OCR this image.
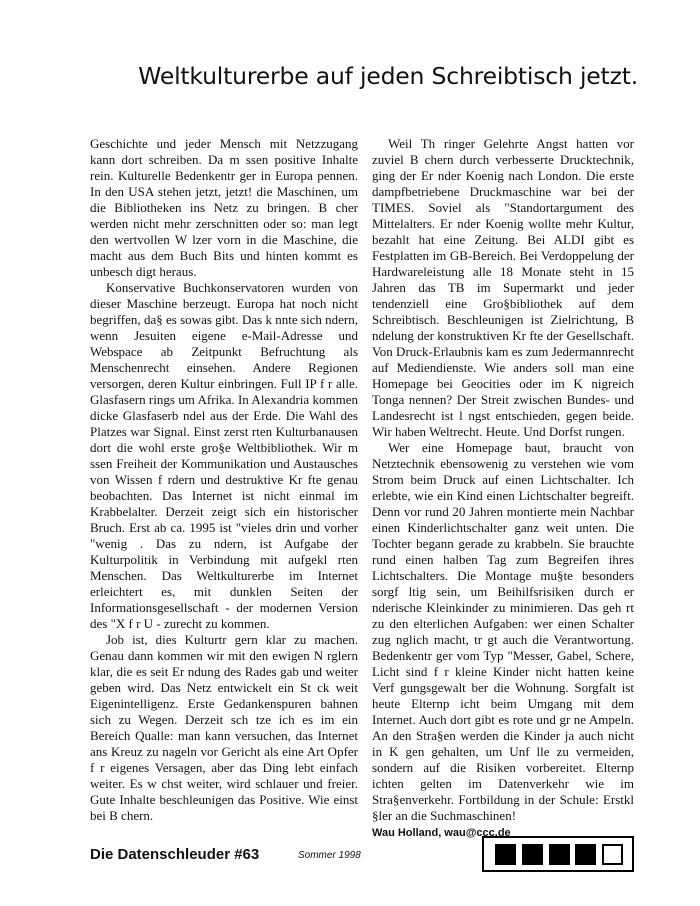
Weltkulturerbe auf jeden Schreibtisch jetzt.

Geschichte und jeder Mensch mit Netzzugang kann dort schreiben. Da m ssen positive Inhalte rein. Kulturelle Bedenkentr ger in Europa pennen. In den USA stehen jetzt, jetzt! die Maschinen, um die Bibliotheken ins Netz zu bringen. B cher werden nicht mehr zerschnitten oder so: man legt den wertvollen W lzer vorn in die Maschine, die macht aus dem Buch Bits und hinten kommt es unbesch digt heraus.

Konservative Buchkonservatoren wurden von dieser Maschine berzeugt. Europa hat noch nicht begriffen, da§ es sowas gibt. Das k nnte sich ndern, wenn Jesuiten eigene e-Mail-Adresse und Webspace ab Zeitpunkt Befruchtung als Menschenrecht einsehen. Andere Regionen versorgen, deren Kultur einbringen. Full IP f r alle. Glasfasern rings um Afrika. In Alexandria kommen dicke Glasfaserb ndel aus der Erde. Die Wahl des Platzes war Signal. Einst zerst rten Kulturbanausen dort die wohl erste gro§e Weltbibliothek. Wir m ssen Freiheit der Kommunikation und Austausches von Wissen f rdern und destruktive Kr fte genau beobachten. Das Internet ist nicht einmal im Krabbelalter. Derzeit zeigt sich ein historischer Bruch. Erst ab ca. 1995 ist "vieles drin und vorher "wenig . Das zu ndern, ist Aufgabe der Kulturpolitik in Verbindung mit aufgekl rten Menschen. Das Weltkulturerbe im Internet erleichtert es, mit dunklen Seiten der Informationsgesellschaft - der modernen Version des "X f r U - zurecht zu kommen.

Job ist, dies Kulturtr gern klar zu machen. Genau dann kommen wir mit den ewigen N rglern klar, die es seit Er ndung des Rades gab und weiter geben wird. Das Netz entwickelt ein St ck weit Eigenintelligenz. Erste Gedankenspuren bahnen sich zu Wegen. Derzeit sch tze ich es im ein Bereich Qualle: man kann versuchen, das Internet ans Kreuz zu nageln vor Gericht als eine Art Opfer f r eigenes Versagen, aber das Ding lebt einfach weiter. Es w chst weiter, wird schlauer und freier. Gute Inhalte beschleunigen das Positive. Wie einst bei B chern.

Weil Th ringer Gelehrte Angst hatten vor zuviel B chern durch verbesserte Drucktechnik, ging der Er nder Koenig nach London. Die erste dampfbetriebene Druckmaschine war bei der TIMES. Soviel als "Standortargument des Mittelalters. Er nder Koenig wollte mehr Kultur, bezahlt hat eine Zeitung. Bei ALDI gibt es Festplatten im GB-Bereich. Bei Verdoppelung der Hardwareleistung alle 18 Monate steht in 15 Jahren das TB im Supermarkt und jeder tendenziell eine Gro§bibliothek auf dem Schreibtisch. Beschleunigen ist Zielrichtung, B ndelung der konstruktiven Kr fte der Gesellschaft. Von Druck-Erlaubnis kam es zum Jedermannrecht auf Mediendienste. Wie anders soll man eine Homepage bei Geocities oder im K nigreich Tonga nennen? Der Streit zwischen Bundes- und Landesrecht ist l ngst entschieden, gegen beide. Wir haben Weltrecht. Heute. Und Dorfst rungen.

Wer eine Homepage baut, braucht von Netztechnik ebensowenig zu verstehen wie vom Strom beim Druck auf einen Lichtschalter. Ich erlebte, wie ein Kind einen Lichtschalter begreift. Denn vor rund 20 Jahren montierte mein Nachbar einen Kinderlichtschalter ganz weit unten. Die Tochter begann gerade zu krabbeln. Sie brauchte rund einen halben Tag zum Begreifen ihres Lichtschalters. Die Montage mu§te besonders sorgf ltig sein, um Beihilfsrisiken durch er nderische Kleinkinder zu minimieren. Das geh rt zu den elterlichen Aufgaben: wer einen Schalter zug nglich macht, tr gt auch die Verantwortung. Bedenkentr ger vom Typ "Messer, Gabel, Schere, Licht sind f r kleine Kinder nicht hatten keine Verf gungsgewalt ber die Wohnung. Sorgfalt ist heute Elternp icht beim Umgang mit dem Internet. Auch dort gibt es rote und gr ne Ampeln. An den Stra§en werden die Kinder ja auch nicht in K gen gehalten, um Unf lle zu vermeiden, sondern auf die Risiken vorbereitet. Elternp ichten gelten im Datenverkehr wie im Stra§enverkehr. Fortbildung in der Schule: Erstkl §ler an die Suchmaschinen!

Wau Holland, wau@ccc.de
Die Datenschleuder #63	Sommer 1998
